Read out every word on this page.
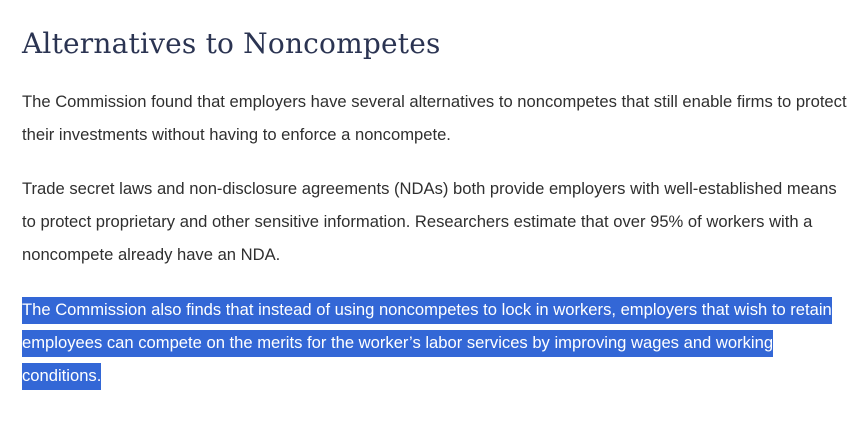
Alternatives to Noncompetes

The Commission found that employers have several alternatives to noncompetes that still enable firms to protect their investments without having to enforce a noncompete.

Trade secret laws and non-disclosure agreements (NDAs) both provide employers with well-established means to protect proprietary and other sensitive information. Researchers estimate that over 95% of workers with a noncompete already have an NDA.

The Commission also finds that instead of using noncompetes to lock in workers, employers that wish to retain employees can compete on the merits for the worker’s labor services by improving wages and working conditions.
